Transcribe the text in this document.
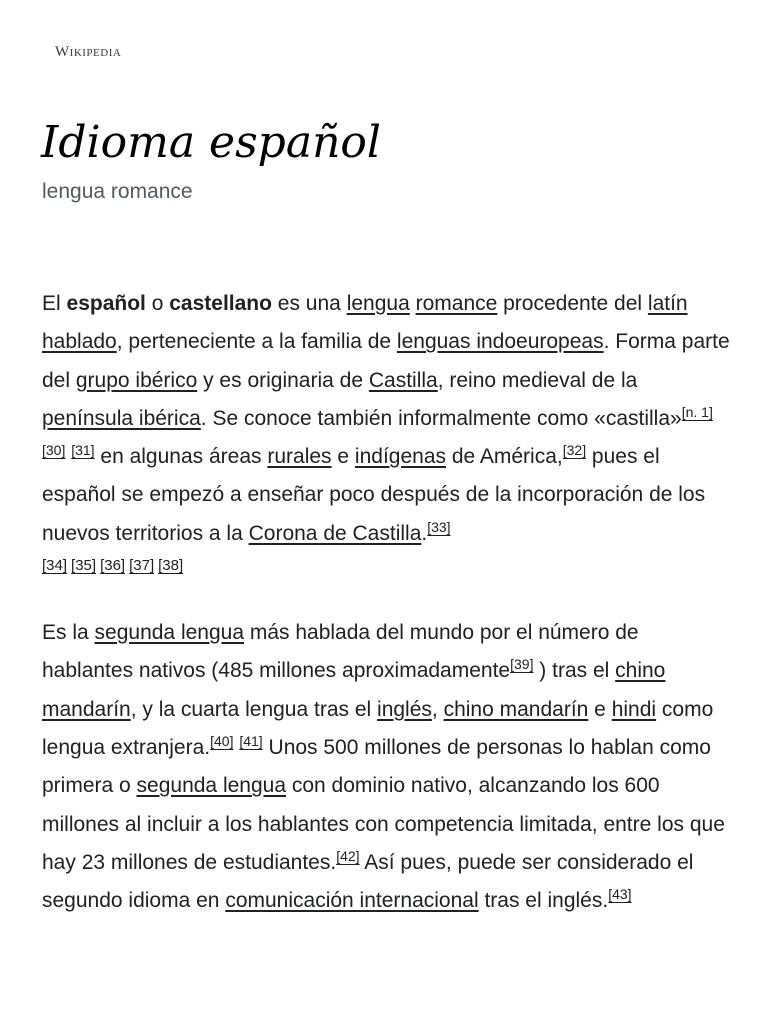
Wikipedia
Idioma español
lengua romance

El español o castellano es una lengua romance procedente del latín hablado, perteneciente a la familia de lenguas indoeuropeas. Forma parte del grupo ibérico y es originaria de Castilla, reino medieval de la península ibérica. Se conoce también informalmente como «castilla»[n. 1] [30] [31] en algunas áreas rurales e indígenas de América,[32] pues el español se empezó a enseñar poco después de la incorporación de los nuevos territorios a la Corona de Castilla.[33]
[34] [35] [36] [37] [38]

Es la segunda lengua más hablada del mundo por el número de hablantes nativos (485 millones aproximadamente[39] ) tras el chino mandarín, y la cuarta lengua tras el inglés, chino mandarín e hindi como lengua extranjera.[40] [41] Unos 500 millones de personas lo hablan como primera o segunda lengua con dominio nativo, alcanzando los 600 millones al incluir a los hablantes con competencia limitada, entre los que hay 23 millones de estudiantes.[42] Así pues, puede ser considerado el segundo idioma en comunicación internacional tras el inglés.[43]
